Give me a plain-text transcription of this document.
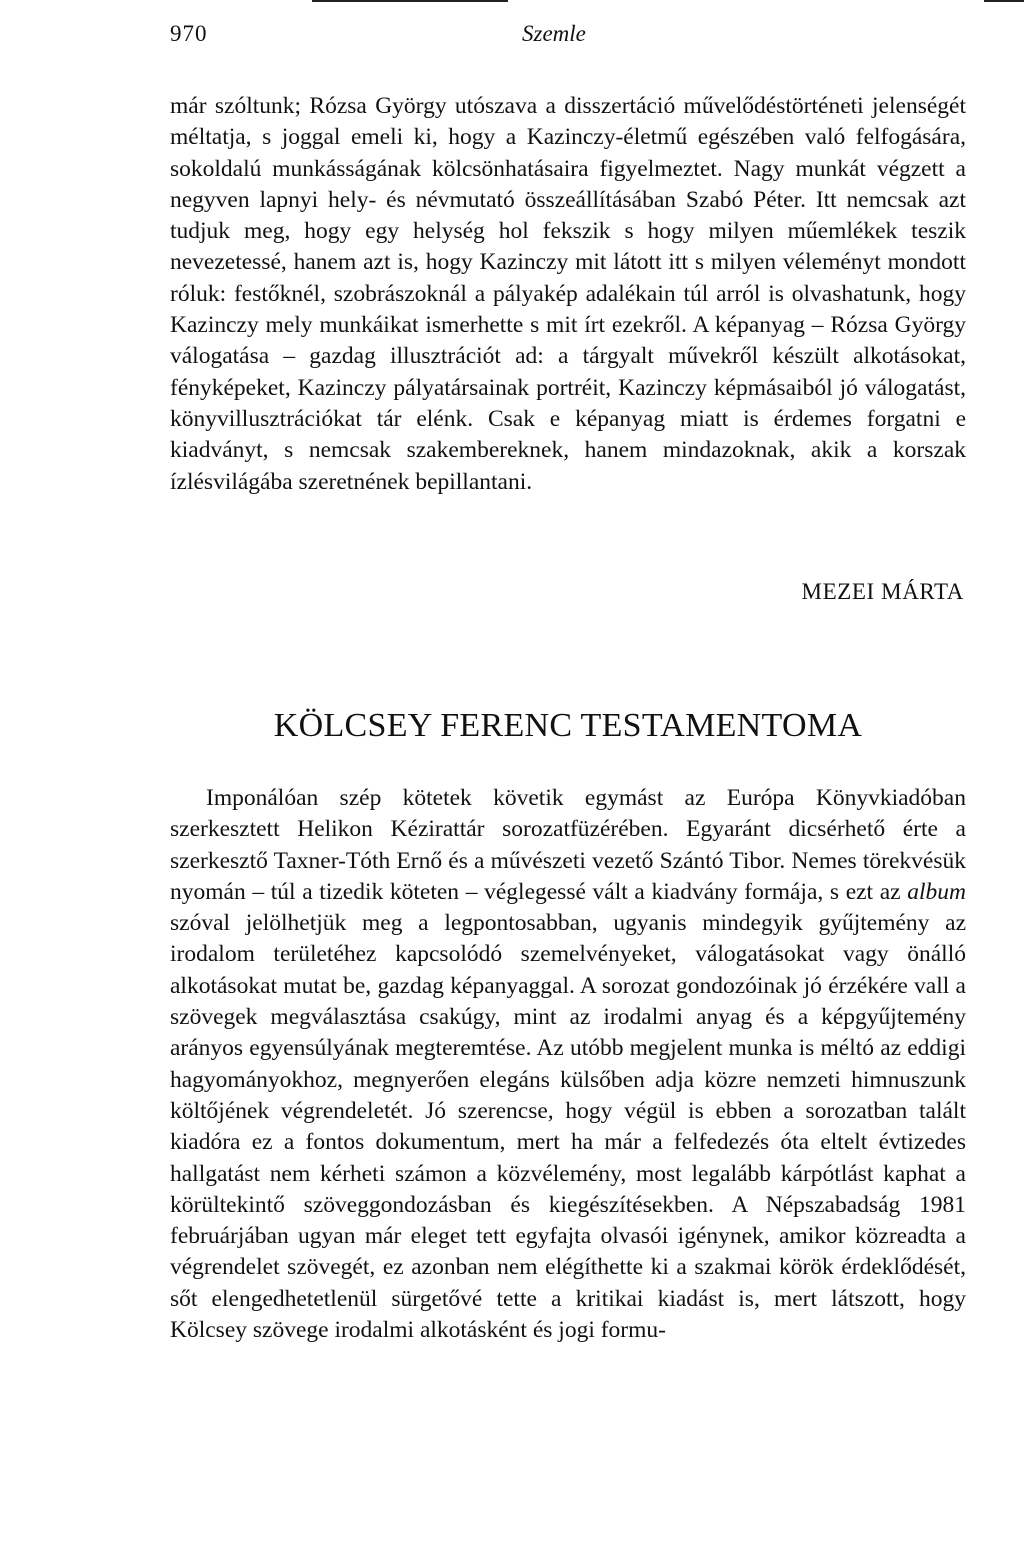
970	Szemle

már szóltunk; Rózsa György utószava a disszertáció művelődéstörténeti jelenségét méltatja, s joggal emeli ki, hogy a Kazinczy-életmű egészében való felfogására, sokoldalú munkásságának kölcsönhatásaira figyelmeztet. Nagy munkát végzett a negyven lapnyi hely- és névmutató összeállításában Szabó Péter. Itt nemcsak azt tudjuk meg, hogy egy helység hol fekszik s hogy milyen műemlékek teszik nevezetessé, hanem azt is, hogy Kazinczy mit látott itt s milyen véleményt mondott róluk: festőknél, szobrászoknál a pályakép adalékain túl arról is olvashatunk, hogy Kazinczy mely munkáikat ismerhette s mit írt ezekről. A képanyag – Rózsa György válogatása – gazdag illusztrációt ad: a tárgyalt művekről készült alkotásokat, fényképeket, Kazinczy pályatársainak portréit, Kazinczy képmásaiból jó válogatást, könyvillusztrációkat tár elénk. Csak e képanyag miatt is érdemes forgatni e kiadványt, s nemcsak szakembereknek, hanem mindazoknak, akik a korszak ízlésvilágába szeretnének bepillantani.

MEZEI MÁRTA
KÖLCSEY FERENC TESTAMENTOMA

Imponálóan szép kötetek követik egymást az Európa Könyvkiadóban szerkesztett Helikon Kézirattár sorozatfüzérében. Egyaránt dicsérhető érte a szerkesztő Taxner-Tóth Ernő és a művészeti vezető Szántó Tibor. Nemes törekvésük nyomán – túl a tizedik köteten – véglegessé vált a kiadvány formája, s ezt az album szóval jelölhetjük meg a legpontosabban, ugyanis mindegyik gyűjtemény az irodalom területéhez kapcsolódó szemelvényeket, válogatásokat vagy önálló alkotásokat mutat be, gazdag képanyaggal. A sorozat gondozóinak jó érzékére vall a szövegek megválasztása csakúgy, mint az irodalmi anyag és a képgyűjtemény arányos egyensúlyának megteremtése. Az utóbb megjelent munka is méltó az eddigi hagyományokhoz, megnyerően elegáns külsőben adja közre nemzeti himnuszunk költőjének végrendeletét. Jó szerencse, hogy végül is ebben a sorozatban talált kiadóra ez a fontos dokumentum, mert ha már a felfedezés óta eltelt évtizedes hallgatást nem kérheti számon a közvélemény, most legalább kárpótlást kaphat a körültekintő szöveggondozásban és kiegészítésekben. A Népszabadság 1981 februárjában ugyan már eleget tett egyfajta olvasói igénynek, amikor közreadta a végrendelet szövegét, ez azonban nem elégíthette ki a szakmai körök érdeklődését, sőt elengedhetetlenül sürgetővé tette a kritikai kiadást is, mert látszott, hogy Kölcsey szövege irodalmi alkotásként és jogi formu-
